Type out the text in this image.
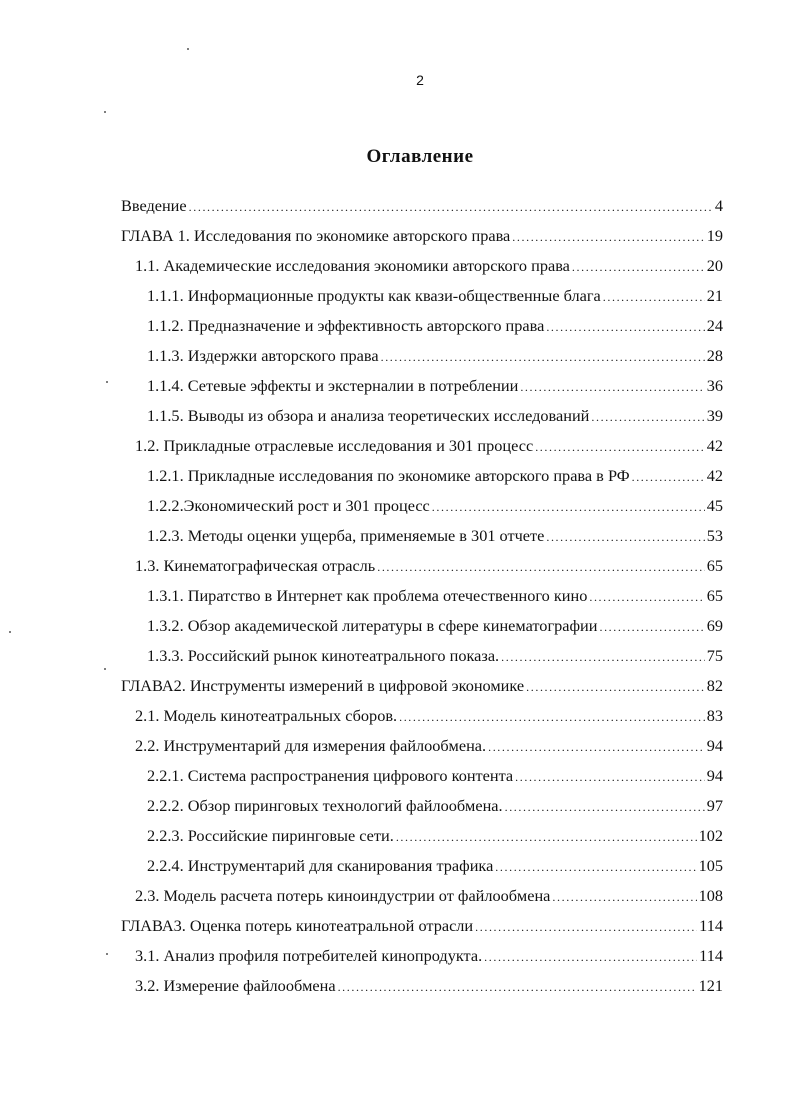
2
Оглавление
Введение .....	4
ГЛАВА 1. Исследования по экономике авторского права .....	19
1.1. Академические исследования экономики авторского права .....	20
1.1.1. Информационные продукты как квази-общественные блага .....	21
1.1.2. Предназначение и эффективность авторского права .....	24
1.1.3. Издержки авторского права .....	28
1.1.4. Сетевые эффекты и экстерналии в потреблении .....	36
1.1.5. Выводы из обзора и анализа теоретических исследований .....	39
1.2. Прикладные отраслевые исследования и 301 процесс .....	42
1.2.1. Прикладные исследования по экономике авторского права в РФ .....	42
1.2.2.Экономический рост и 301 процесс .....	45
1.2.3. Методы оценки ущерба, применяемые в 301 отчете .....	53
1.3. Кинематографическая отрасль .....	65
1.3.1. Пиратство в Интернет как проблема отечественного кино .....	65
1.3.2. Обзор академической литературы в сфере кинематографии .....	69
1.3.3. Российский рынок кинотеатрального показа. .....	75
ГЛАВА2. Инструменты измерений в цифровой экономике .....	82
2.1. Модель кинотеатральных сборов. .....	83
2.2. Инструментарий для измерения файлообмена. .....	94
2.2.1. Система распространения цифрового контента .....	94
2.2.2. Обзор пиринговых технологий файлообмена. .....	97
2.2.3. Российские пиринговые сети. .....	102
2.2.4. Инструментарий для сканирования трафика .....	105
2.3. Модель расчета потерь киноиндустрии от файлообмена .....	108
ГЛАВА3. Оценка потерь кинотеатральной отрасли .....	114
3.1. Анализ профиля потребителей кинопродукта. .....	114
3.2. Измерение файлообмена .....	121
